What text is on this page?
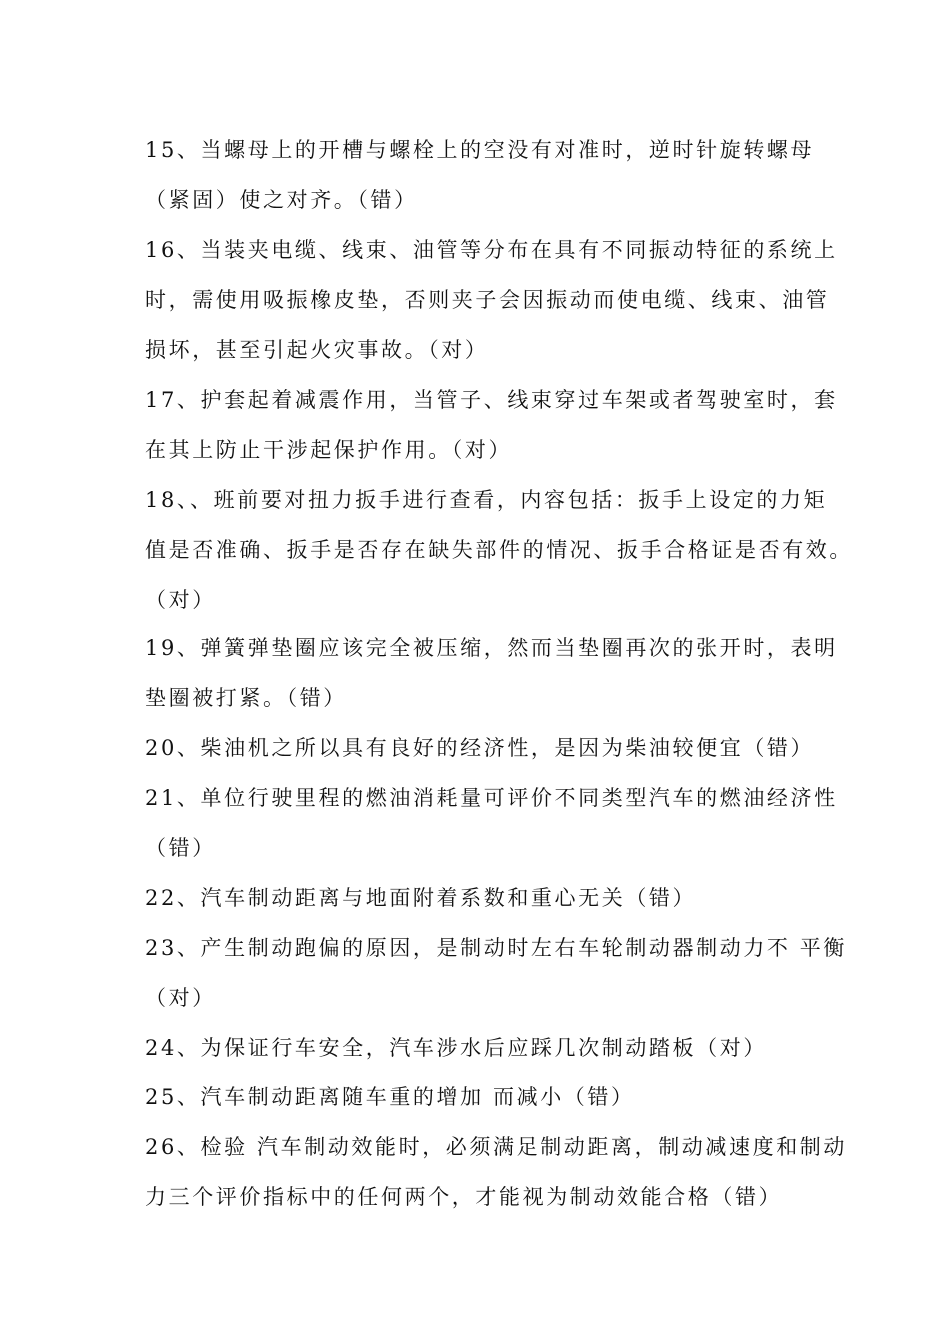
15、当螺母上的开槽与螺栓上的空没有对准时，逆时针旋转螺母
（紧固）使之对齐。（错）
16、当装夹电缆、线束、油管等分布在具有不同振动特征的系统上
时，需使用吸振橡皮垫，否则夹子会因振动而使电缆、线束、油管
损坏，甚至引起火灾事故。（对）
17、护套起着减震作用，当管子、线束穿过车架或者驾驶室时，套
在其上防止干涉起保护作用。（对）
18、、班前要对扭力扳手进行查看，内容包括：扳手上设定的力矩
值是否准确、扳手是否存在缺失部件的情况、扳手合格证是否有效。
（对）
19、弹簧弹垫圈应该完全被压缩，然而当垫圈再次的张开时，表明
垫圈被打紧。（错）
20、柴油机之所以具有良好的经济性，是因为柴油较便宜（错）
21、单位行驶里程的燃油消耗量可评价不同类型汽车的燃油经济性
（错）
22、汽车制动距离与地面附着系数和重心无关（错）
23、产生制动跑偏的原因，是制动时左右车轮制动器制动力不 平衡
（对）
24、为保证行车安全，汽车涉水后应踩几次制动踏板（对）
25、汽车制动距离随车重的增加 而减小（错）
26、检验 汽车制动效能时，必须满足制动距离，制动减速度和制动
力三个评价指标中的任何两个，才能视为制动效能合格（错）
